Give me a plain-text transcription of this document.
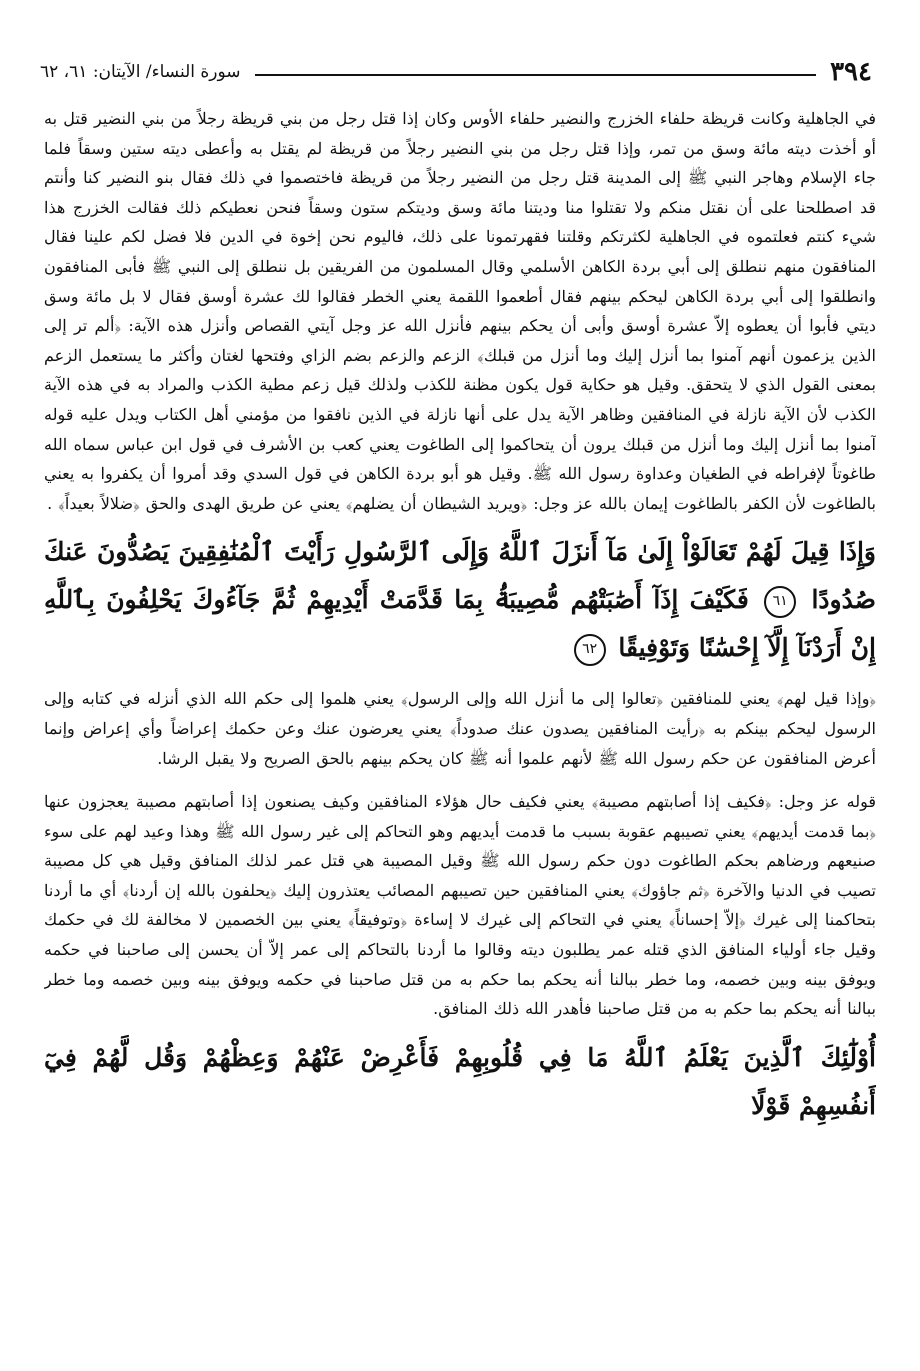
٣٩٤
سورة النساء/ الآيتان: ٦١، ٦٢

في الجاهلية وكانت قريظة حلفاء الخزرج والنضير حلفاء الأوس وكان إذا قتل رجل من بني قريظة رجلاً من بني النضير قتل به أو أخذت ديته مائة وسق من تمر، وإذا قتل رجل من بني النضير رجلاً من قريظة لم يقتل به وأعطى ديته ستين وسقاً فلما جاء الإسلام وهاجر النبي ﷺ إلى المدينة قتل رجل من النضير رجلاً من قريظة فاختصموا في ذلك فقال بنو النضير كنا وأنتم قد اصطلحنا على أن نقتل منكم ولا تقتلوا منا وديتنا مائة وسق وديتكم ستون وسقاً فنحن نعطيكم ذلك فقالت الخزرج هذا شيء كنتم فعلتموه في الجاهلية لكثرتكم وقلتنا فقهرتمونا على ذلك، فاليوم نحن إخوة في الدين فلا فضل لكم علينا فقال المنافقون منهم ننطلق إلى أبي بردة الكاهن الأسلمي وقال المسلمون من الفريقين بل ننطلق إلى النبي ﷺ فأبى المنافقون وانطلقوا إلى أبي بردة الكاهن ليحكم بينهم فقال أطعموا اللقمة يعني الخطر فقالوا لك عشرة أوسق فقال لا بل مائة وسق ديتي فأبوا أن يعطوه إلاّ عشرة أوسق وأبى أن يحكم بينهم فأنزل الله عز وجل آيتي القصاص وأنزل هذه الآية: ﴿ألم تر إلى الذين يزعمون أنهم آمنوا بما أنزل إليك وما أنزل من قبلك﴾ الزعم والزعم بضم الزاي وفتحها لغتان وأكثر ما يستعمل الزعم بمعنى القول الذي لا يتحقق. وقيل هو حكاية قول يكون مظنة للكذب ولذلك قيل زعم مطية الكذب والمراد به في هذه الآية الكذب لأن الآية نازلة في المنافقين وظاهر الآية يدل على أنها نازلة في الذين نافقوا من مؤمني أهل الكتاب ويدل عليه قوله آمنوا بما أنزل إليك وما أنزل من قبلك يرون أن يتحاكموا إلى الطاغوت يعني كعب بن الأشرف في قول ابن عباس سماه الله طاغوتاً لإفراطه في الطغيان وعداوة رسول الله ﷺ. وقيل هو أبو بردة الكاهن في قول السدي وقد أمروا أن يكفروا به يعني بالطاغوت لأن الكفر بالطاغوت إيمان بالله عز وجل: ﴿ويريد الشيطان أن يضلهم﴾ يعني عن طريق الهدى والحق ﴿ضلالاً بعيداً﴾ .

وَإِذَا قِيلَ لَهُمْ تَعَالَوْاْ إِلَىٰ مَآ أَنزَلَ ٱللَّهُ وَإِلَى ٱلرَّسُولِ رَأَيْتَ ٱلْمُنَٰفِقِينَ يَصُدُّونَ عَنكَ صُدُودًا ٦١ فَكَيْفَ إِذَآ أَصَٰبَتْهُم مُّصِيبَةُۢ بِمَا قَدَّمَتْ أَيْدِيهِمْ ثُمَّ جَآءُوكَ يَحْلِفُونَ بِٱللَّهِ إِنْ أَرَدْنَآ إِلَّآ إِحْسَٰنًا وَتَوْفِيقًا ٦٢

﴿وإذا قيل لهم﴾ يعني للمنافقين ﴿تعالوا إلى ما أنزل الله وإلى الرسول﴾ يعني هلموا إلى حكم الله الذي أنزله في كتابه وإلى الرسول ليحكم بينكم به ﴿رأيت المنافقين يصدون عنك صدوداً﴾ يعني يعرضون عنك وعن حكمك إعراضاً وأي إعراض وإنما أعرض المنافقون عن حكم رسول الله ﷺ لأنهم علموا أنه ﷺ كان يحكم بينهم بالحق الصريح ولا يقبل الرشا.

قوله عز وجل: ﴿فكيف إذا أصابتهم مصيبة﴾ يعني فكيف حال هؤلاء المنافقين وكيف يصنعون إذا أصابتهم مصيبة يعجزون عنها ﴿بما قدمت أيديهم﴾ يعني تصيبهم عقوبة بسبب ما قدمت أيديهم وهو التحاكم إلى غير رسول الله ﷺ وهذا وعيد لهم على سوء صنيعهم ورضاهم بحكم الطاغوت دون حكم رسول الله ﷺ وقيل المصيبة هي قتل عمر لذلك المنافق وقيل هي كل مصيبة تصيب في الدنيا والآخرة ﴿ثم جاؤوك﴾ يعني المنافقين حين تصيبهم المصائب يعتذرون إليك ﴿يحلفون بالله إن أردنا﴾ أي ما أردنا بتحاكمنا إلى غيرك ﴿إلاّ إحساناً﴾ يعني في التحاكم إلى غيرك لا إساءة ﴿وتوفيقاً﴾ يعني بين الخصمين لا مخالفة لك في حكمك وقيل جاء أولياء المنافق الذي قتله عمر يطلبون ديته وقالوا ما أردنا بالتحاكم إلى عمر إلاّ أن يحسن إلى صاحبنا في حكمه ويوفق بينه وبين خصمه، وما خطر ببالنا أنه يحكم بما حكم به من قتل صاحبنا في حكمه ويوفق بينه وبين خصمه وما خطر ببالنا أنه يحكم بما حكم به من قتل صاحبنا فأهدر الله ذلك المنافق.

أُوْلَٰٓئِكَ ٱلَّذِينَ يَعْلَمُ ٱللَّهُ مَا فِي قُلُوبِهِمْ فَأَعْرِضْ عَنْهُمْ وَعِظْهُمْ وَقُل لَّهُمْ فِيٓ أَنفُسِهِمْ قَوْلًا
